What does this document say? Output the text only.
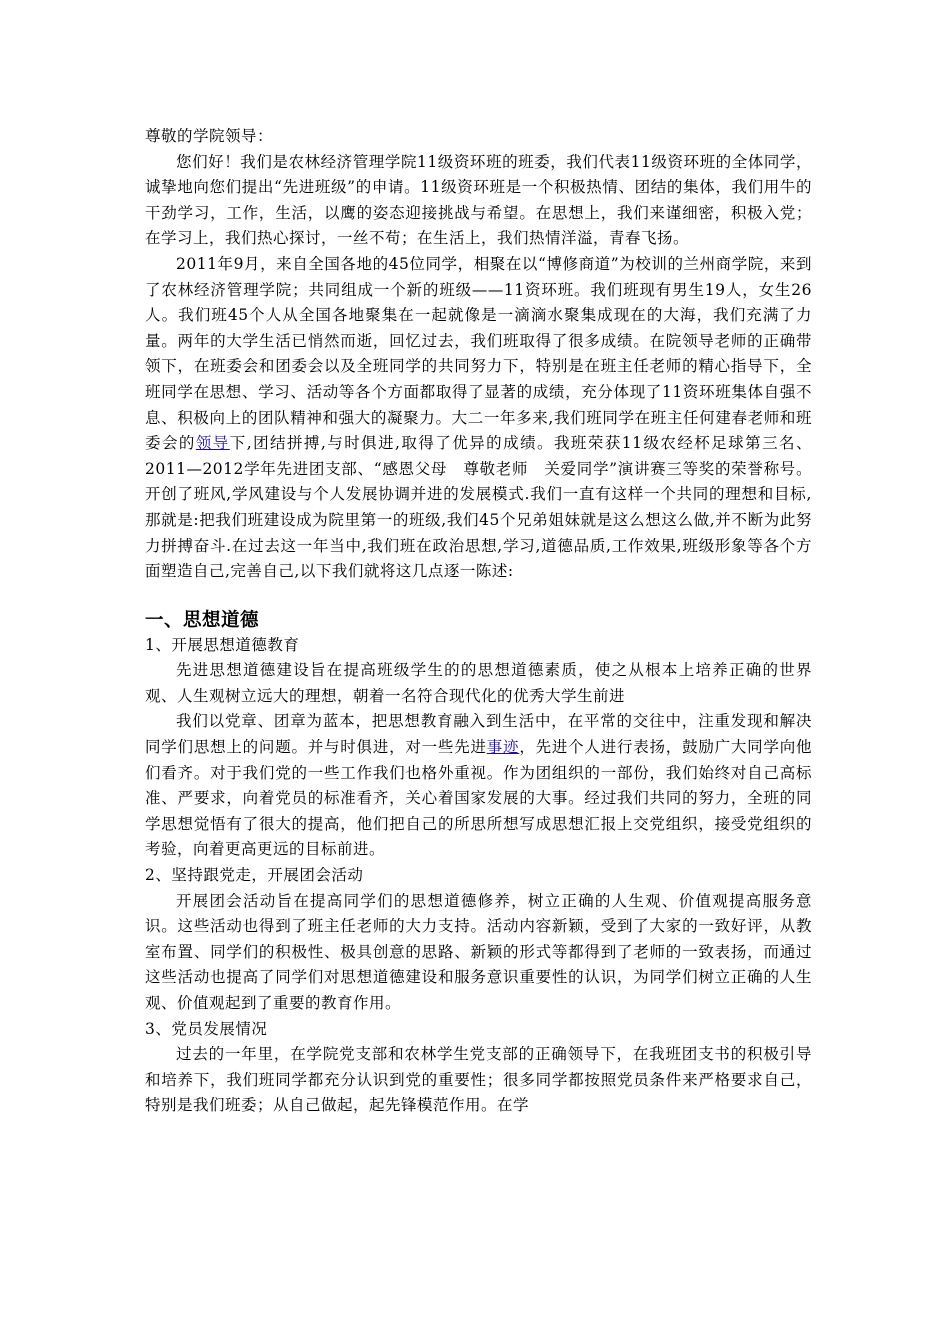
尊敬的学院领导：

您们好！我们是农林经济管理学院11级资环班的班委，我们代表11级资环班的全体同学，诚挚地向您们提出“先进班级”的申请。11级资环班是一个积极热情、团结的集体，我们用牛的干劲学习，工作，生活，以鹰的姿态迎接挑战与希望。在思想上，我们来谨细密，积极入党；在学习上，我们热心探讨，一丝不苟；在生活上，我们热情洋溢，青春飞扬。

2011年9月，来自全国各地的45位同学，相聚在以“博修商道”为校训的兰州商学院，来到了农林经济管理学院；共同组成一个新的班级——11资环班。我们班现有男生19人，女生26人。我们班45个人从全国各地聚集在一起就像是一滴滴水聚集成现在的大海，我们充满了力量。两年的大学生活已悄然而逝，回忆过去，我们班取得了很多成绩。在院领导老师的正确带领下，在班委会和团委会以及全班同学的共同努力下，特别是在班主任老师的精心指导下，全班同学在思想、学习、活动等各个方面都取得了显著的成绩，充分体现了11资环班集体自强不息、积极向上的团队精神和强大的凝聚力。大二一年多来,我们班同学在班主任何建春老师和班委会的领导下,团结拼搏,与时俱进,取得了优异的成绩。我班荣获11级农经杯足球第三名、2011—2012学年先进团支部、“感恩父母　尊敬老师　关爱同学”演讲赛三等奖的荣誉称号。开创了班风,学风建设与个人发展协调并进的发展模式.我们一直有这样一个共同的理想和目标,那就是:把我们班建设成为院里第一的班级,我们45个兄弟姐妹就是这么想这么做,并不断为此努力拼搏奋斗.在过去这一年当中,我们班在政治思想,学习,道德品质,工作效果,班级形象等各个方面塑造自己,完善自己,以下我们就将这几点逐一陈述:

一、思想道德

1、开展思想道德教育

先进思想道德建设旨在提高班级学生的的思想道德素质，使之从根本上培养正确的世界观、人生观树立远大的理想，朝着一名符合现代化的优秀大学生前进

我们以党章、团章为蓝本，把思想教育融入到生活中，在平常的交往中，注重发现和解决同学们思想上的问题。并与时俱进，对一些先进事迹，先进个人进行表扬，鼓励广大同学向他们看齐。对于我们党的一些工作我们也格外重视。作为团组织的一部份，我们始终对自己高标准、严要求，向着党员的标准看齐，关心着国家发展的大事。经过我们共同的努力，全班的同学思想觉悟有了很大的提高，他们把自己的所思所想写成思想汇报上交党组织，接受党组织的考验，向着更高更远的目标前进。

2、坚持跟党走，开展团会活动

开展团会活动旨在提高同学们的思想道德修养，树立正确的人生观、价值观提高服务意识。这些活动也得到了班主任老师的大力支持。活动内容新颖，受到了大家的一致好评，从教室布置、同学们的积极性、极具创意的思路、新颖的形式等都得到了老师的一致表扬，而通过这些活动也提高了同学们对思想道德建设和服务意识重要性的认识，为同学们树立正确的人生观、价值观起到了重要的教育作用。

3、党员发展情况

过去的一年里，在学院党支部和农林学生党支部的正确领导下，在我班团支书的积极引导和培养下，我们班同学都充分认识到党的重要性；很多同学都按照党员条件来严格要求自己，特别是我们班委；从自己做起，起先锋模范作用。在学
